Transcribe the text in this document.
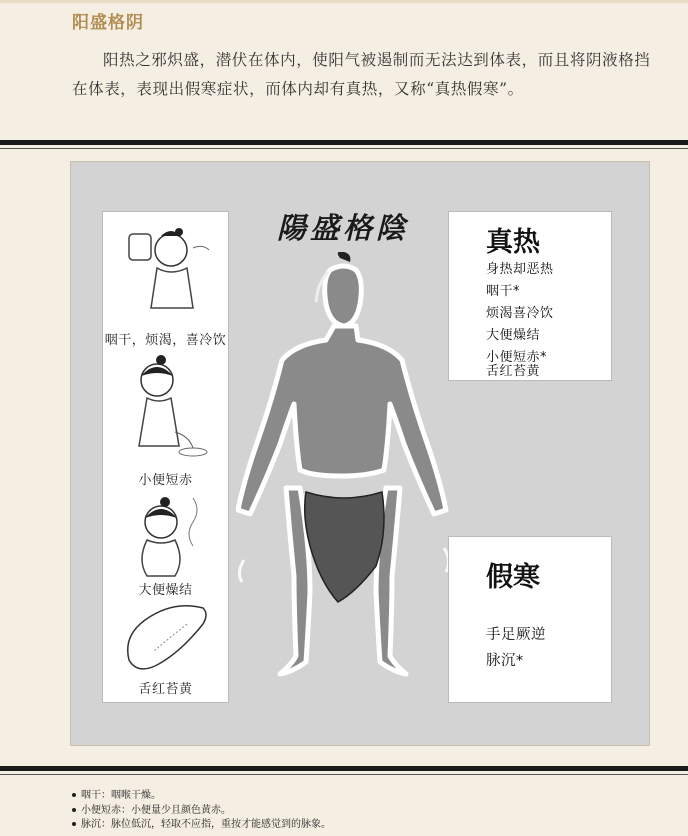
阳盛格阴
阳热之邪炽盛，潜伏在体内，使阳气被遏制而无法达到体表，而且将阴液格挡在体表，表现出假寒症状，而体内却有真热，又称“真热假寒”。
咽干，烦渴，喜冷饮
小便短赤
大便燥结
舌红苔黄
陽盛格陰	真热
身热却恶热
咽干*
烦渴喜冷饮
大便燥结
小便短赤*
舌红苔黄
假寒
手足厥逆
脉沉*
咽干：咽喉干燥。
小便短赤：小便量少且颜色黄赤。
脉沉：脉位低沉，轻取不应指，重按才能感觉到的脉象。
